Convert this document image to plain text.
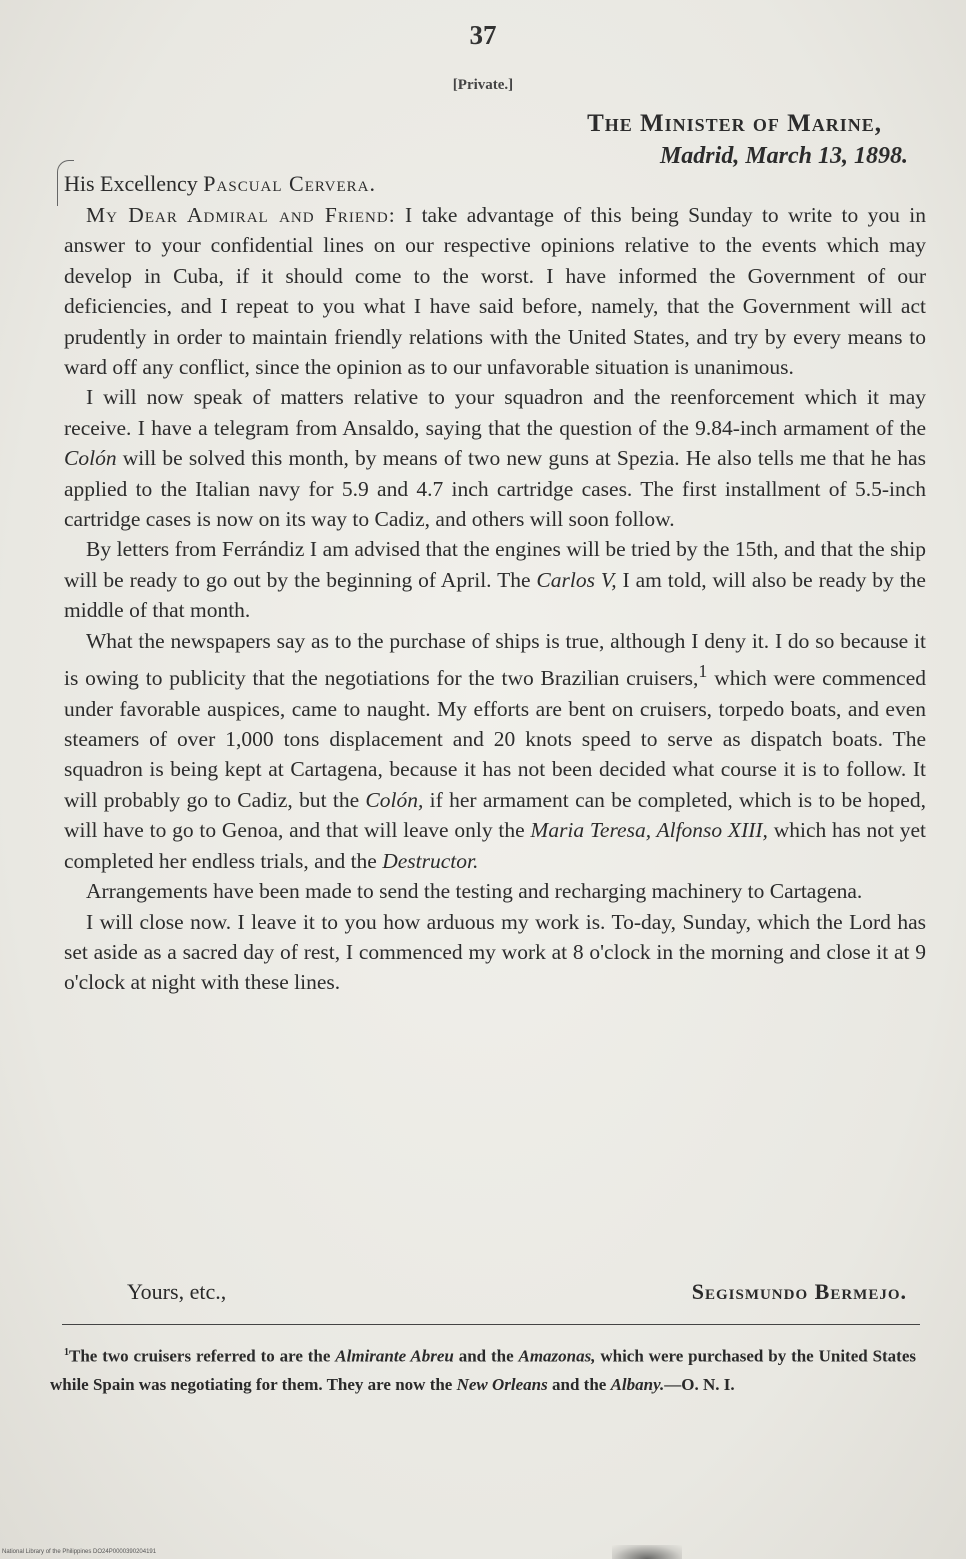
37
[Private.]
The Minister of Marine,
Madrid, March 13, 1898.
His Excellency Pascual Cervera.

My Dear Admiral and Friend: I take advantage of this being Sunday to write to you in answer to your confidential lines on our respective opinions relative to the events which may develop in Cuba, if it should come to the worst. I have informed the Government of our deficiencies, and I repeat to you what I have said before, namely, that the Government will act prudently in order to maintain friendly relations with the United States, and try by every means to ward off any conflict, since the opinion as to our unfavorable situation is unanimous.

I will now speak of matters relative to your squadron and the reenforcement which it may receive. I have a telegram from Ansaldo, saying that the question of the 9.84-inch armament of the Colón will be solved this month, by means of two new guns at Spezia. He also tells me that he has applied to the Italian navy for 5.9 and 4.7 inch cartridge cases. The first installment of 5.5-inch cartridge cases is now on its way to Cadiz, and others will soon follow.

By letters from Ferrándiz I am advised that the engines will be tried by the 15th, and that the ship will be ready to go out by the beginning of April. The Carlos V, I am told, will also be ready by the middle of that month.

What the newspapers say as to the purchase of ships is true, although I deny it. I do so because it is owing to publicity that the negotiations for the two Brazilian cruisers,$^1$ which were commenced under favorable auspices, came to naught. My efforts are bent on cruisers, torpedo boats, and even steamers of over 1,000 tons displacement and 20 knots speed to serve as dispatch boats. The squadron is being kept at Cartagena, because it has not been decided what course it is to follow. It will probably go to Cadiz, but the Colón, if her armament can be completed, which is to be hoped, will have to go to Genoa, and that will leave only the Maria Teresa, Alfonso XIII, which has not yet completed her endless trials, and the Destructor.

Arrangements have been made to send the testing and recharging machinery to Cartagena.

I will close now. I leave it to you how arduous my work is. To-day, Sunday, which the Lord has set aside as a sacred day of rest, I commenced my work at 8 o'clock in the morning and close it at 9 o'clock at night with these lines.

Yours, etc.,	Segismundo Bermejo.

$^1$The two cruisers referred to are the Almirante Abreu and the Amazonas, which were purchased by the United States while Spain was negotiating for them. They are now the New Orleans and the Albany.—O. N. I.

National Library of the Philippines DO24P0000390204191
